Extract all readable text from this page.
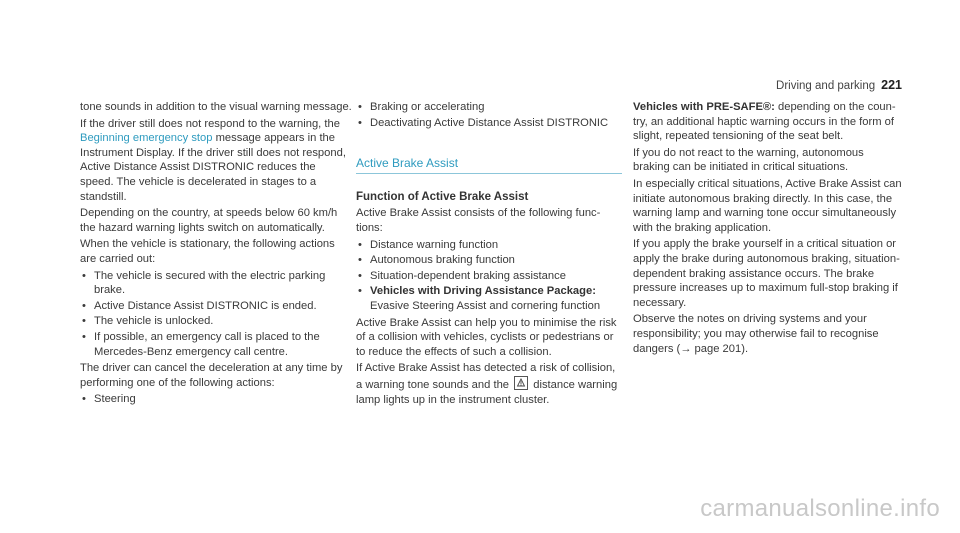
Driving and parking 221

tone sounds in addition to the visual warning message.

If the driver still does not respond to the warning, the Beginning emergency stop message appears in the Instrument Display. If the driver still does not respond, Active Distance Assist DISTRONIC reduces the speed. The vehicle is decelerated in stages to a standstill.

Depending on the country, at speeds below 60 km/h the hazard warning lights switch on automatically.

When the vehicle is stationary, the following actions are carried out:

• The vehicle is secured with the electric parking brake.
• Active Distance Assist DISTRONIC is ended.
• The vehicle is unlocked.
• If possible, an emergency call is placed to the Mercedes-Benz emergency call centre.

The driver can cancel the deceleration at any time by performing one of the following actions:

• Steering
• Braking or accelerating
• Deactivating Active Distance Assist DISTRONIC
Active Brake Assist
Function of Active Brake Assist

Active Brake Assist consists of the following functions:

• Distance warning function
• Autonomous braking function
• Situation-dependent braking assistance
• Vehicles with Driving Assistance Package: Evasive Steering Assist and cornering function

Active Brake Assist can help you to minimise the risk of a collision with vehicles, cyclists or pedestrians or to reduce the effects of such a collision.

If Active Brake Assist has detected a risk of collision, a warning tone sounds and the
distance warning lamp lights up in the instrument cluster.

Vehicles with PRE-SAFE®: depending on the country, an additional haptic warning occurs in the form of slight, repeated tensioning of the seat belt.

If you do not react to the warning, autonomous braking can be initiated in critical situations.

In especially critical situations, Active Brake Assist can initiate autonomous braking directly. In this case, the warning lamp and warning tone occur simultaneously with the braking application.

If you apply the brake yourself in a critical situation or apply the brake during autonomous braking, situation-dependent braking assistance occurs. The brake pressure increases up to maximum full-stop braking if necessary.

Observe the notes on driving systems and your responsibility; you may otherwise fail to recognise dangers (→ page 201).

carmanualsonline.info
